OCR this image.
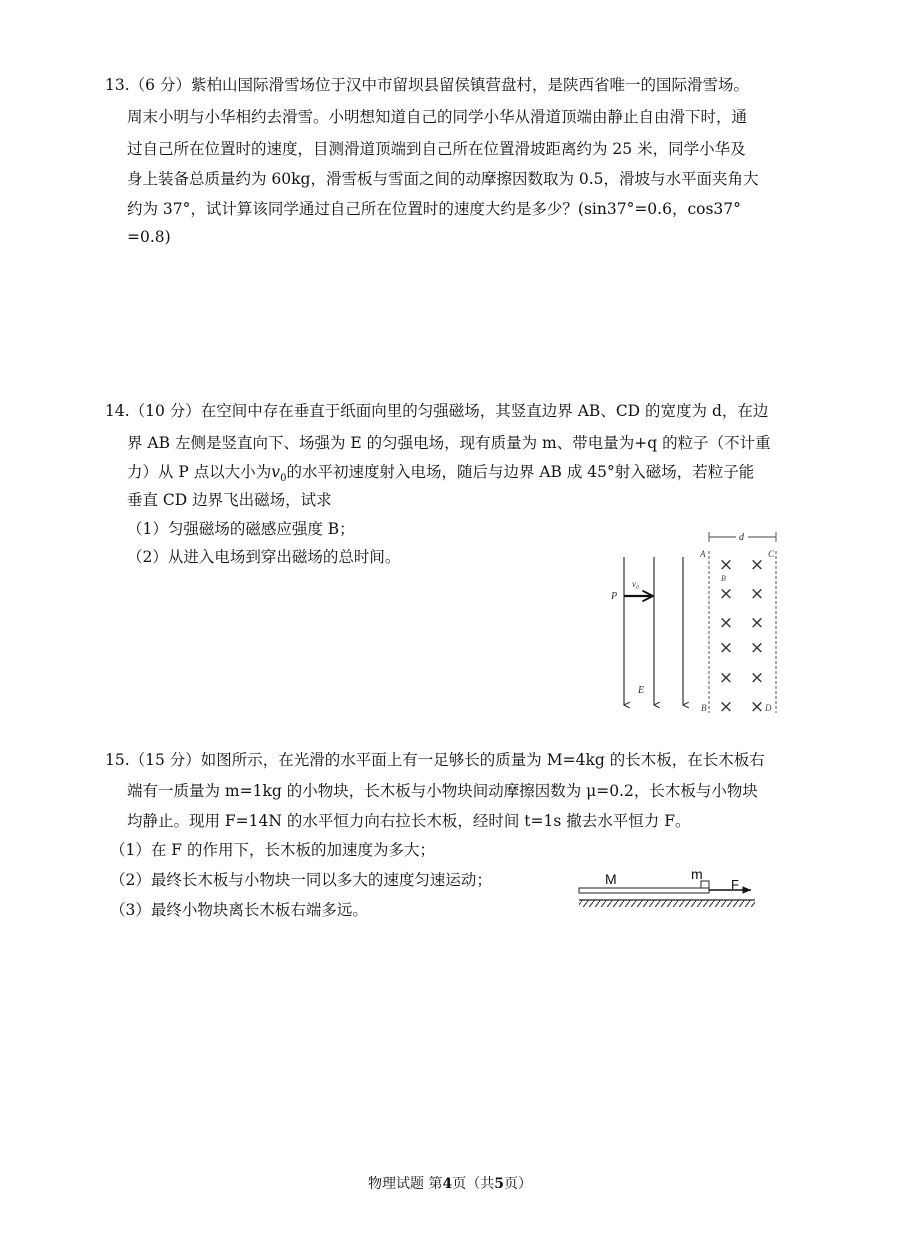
13.（6 分）紫柏山国际滑雪场位于汉中市留坝县留侯镇营盘村，是陕西省唯一的国际滑雪场。
周末小明与小华相约去滑雪。小明想知道自己的同学小华从滑道顶端由静止自由滑下时，通
过自己所在位置时的速度，目测滑道顶端到自己所在位置滑坡距离约为 25 米，同学小华及
身上装备总质量约为 60kg，滑雪板与雪面之间的动摩擦因数取为 0.5，滑坡与水平面夹角大
约为 37°，试计算该同学通过自己所在位置时的速度大约是多少？(sin37°=0.6，cos37°
=0.8)
14.（10 分）在空间中存在垂直于纸面向里的匀强磁场，其竖直边界 AB、CD 的宽度为 d，在边
界 AB 左侧是竖直向下、场强为 E 的匀强电场，现有质量为 m、带电量为+q 的粒子（不计重
力）从 P 点以大小为$v_0$的水平初速度射入电场，随后与边界 AB 成 45°射入磁场，若粒子能
垂直 CD 边界飞出磁场，试求
（1）匀强磁场的磁感应强度 B；
（2）从进入电场到穿出磁场的总时间。
P
v₀
E
d
A	C
B
B	D
× ×
× ×
× ×
× ×
× ×
× ×
15.（15 分）如图所示，在光滑的水平面上有一足够长的质量为 M=4kg 的长木板，在长木板右
端有一质量为 m=1kg 的小物块，长木板与小物块间动摩擦因数为 μ=0.2，长木板与小物块
均静止。现用 F=14N 的水平恒力向右拉长木板，经时间 t=1s 撤去水平恒力 F。
（1）在 F 的作用下，长木板的加速度为多大；
（2）最终长木板与小物块一同以多大的速度匀速运动；
（3）最终小物块离长木板右端多远。
M	m
F
物理试题 第4页（共5页）
